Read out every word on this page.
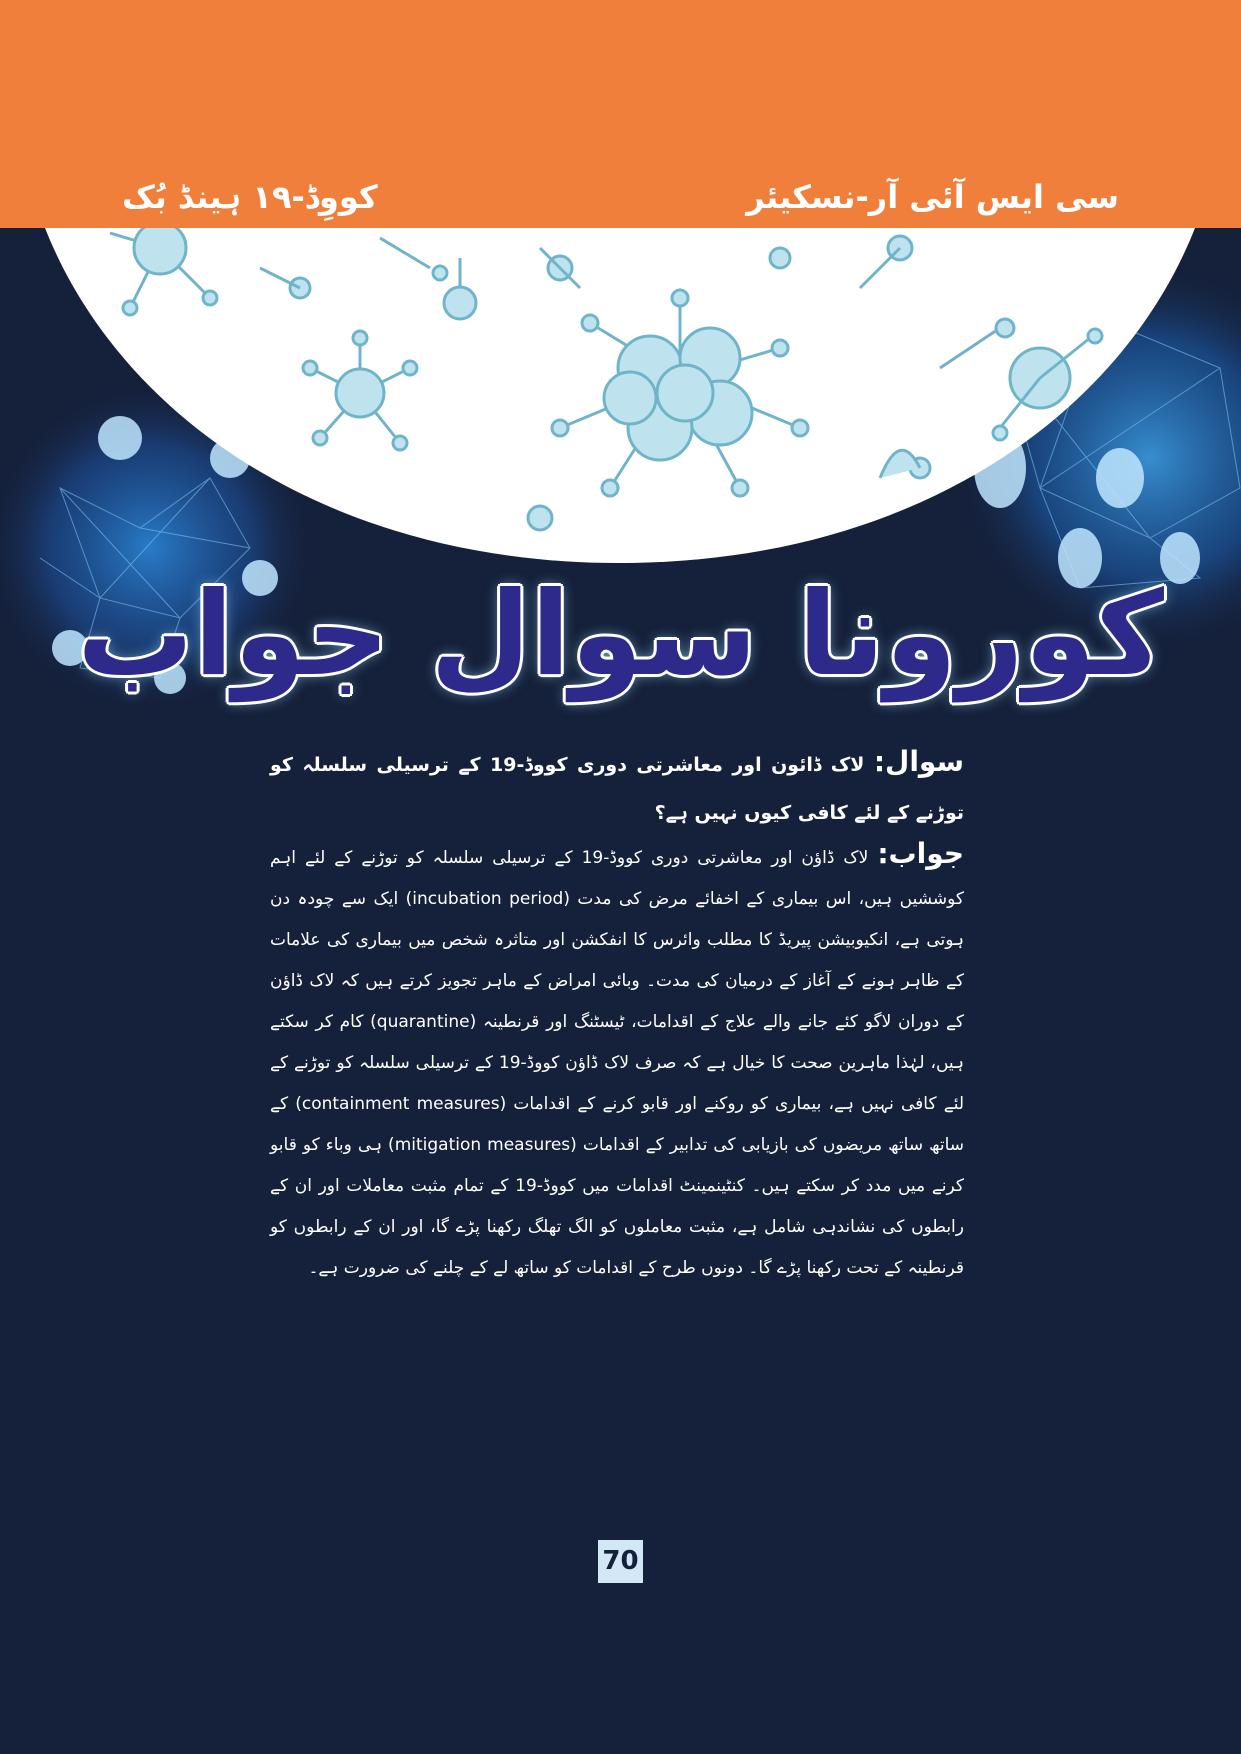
سی ایس آئی آر-نسکیئر
کووِڈ-۱۹ ہینڈ بُک
کورونا سوال جواب
سوال: لاک ڈائون اور معاشرتی دوری کووڈ-19 کے ترسیلی سلسلہ کو توڑنے کے لئے کافی کیوں نہیں ہے؟
جواب: لاک ڈاؤن اور معاشرتی دوری کووڈ-19 کے ترسیلی سلسلہ کو توڑنے کے لئے اہم کوششیں ہیں، اس بیماری کے اخفائے مرض کی مدت (incubation period) ایک سے چودہ دن ہوتی ہے، انکیوبیشن پیریڈ کا مطلب وائرس کا انفکشن اور متاثرہ شخص میں بیماری کی علامات کے ظاہر ہونے کے آغاز کے درمیان کی مدت۔ وبائی امراض کے ماہر تجویز کرتے ہیں کہ لاک ڈاؤن کے دوران لاگو کئے جانے والے علاج کے اقدامات، ٹیسٹنگ اور قرنطینہ (quarantine) کام کر سکتے ہیں، لہٰذا ماہرین صحت کا خیال ہے کہ صرف لاک ڈاؤن کووڈ-19 کے ترسیلی سلسلہ کو توڑنے کے لئے کافی نہیں ہے، بیماری کو روکنے اور قابو کرنے کے اقدامات (containment measures) کے ساتھ ساتھ مریضوں کی بازیابی کی تدابیر کے اقدامات (mitigation measures) ہی وباء کو قابو کرنے میں مدد کر سکتے ہیں۔ کنٹینمینٹ اقدامات میں کووڈ-19 کے تمام مثبت معاملات اور ان کے رابطوں کی نشاندہی شامل ہے، مثبت معاملوں کو الگ تھلگ رکھنا پڑے گا، اور ان کے رابطوں کو قرنطینہ کے تحت رکھنا پڑے گا۔ دونوں طرح کے اقدامات کو ساتھ لے کے چلنے کی ضرورت ہے۔
70
